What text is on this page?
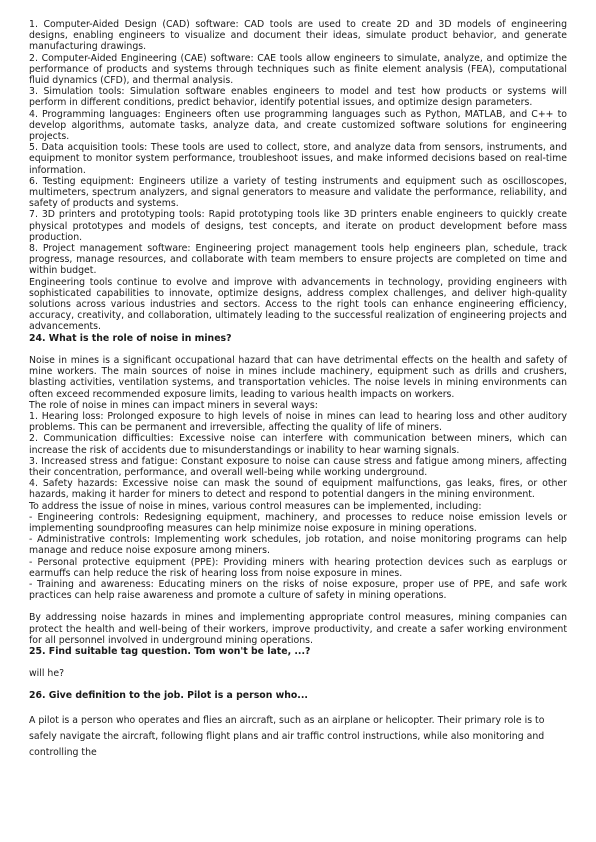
1. Computer-Aided Design (CAD) software: CAD tools are used to create 2D and 3D models of engineering designs, enabling engineers to visualize and document their ideas, simulate product behavior, and generate manufacturing drawings.

2. Computer-Aided Engineering (CAE) software: CAE tools allow engineers to simulate, analyze, and optimize the performance of products and systems through techniques such as finite element analysis (FEA), computational fluid dynamics (CFD), and thermal analysis.

3. Simulation tools: Simulation software enables engineers to model and test how products or systems will perform in different conditions, predict behavior, identify potential issues, and optimize design parameters.

4. Programming languages: Engineers often use programming languages such as Python, MATLAB, and C++ to develop algorithms, automate tasks, analyze data, and create customized software solutions for engineering projects.

5. Data acquisition tools: These tools are used to collect, store, and analyze data from sensors, instruments, and equipment to monitor system performance, troubleshoot issues, and make informed decisions based on real-time information.

6. Testing equipment: Engineers utilize a variety of testing instruments and equipment such as oscilloscopes, multimeters, spectrum analyzers, and signal generators to measure and validate the performance, reliability, and safety of products and systems.

7. 3D printers and prototyping tools: Rapid prototyping tools like 3D printers enable engineers to quickly create physical prototypes and models of designs, test concepts, and iterate on product development before mass production.

8. Project management software: Engineering project management tools help engineers plan, schedule, track progress, manage resources, and collaborate with team members to ensure projects are completed on time and within budget.

Engineering tools continue to evolve and improve with advancements in technology, providing engineers with sophisticated capabilities to innovate, optimize designs, address complex challenges, and deliver high-quality solutions across various industries and sectors. Access to the right tools can enhance engineering efficiency, accuracy, creativity, and collaboration, ultimately leading to the successful realization of engineering projects and advancements.

24. What is the role of noise in mines?

Noise in mines is a significant occupational hazard that can have detrimental effects on the health and safety of mine workers. The main sources of noise in mines include machinery, equipment such as drills and crushers, blasting activities, ventilation systems, and transportation vehicles. The noise levels in mining environments can often exceed recommended exposure limits, leading to various health impacts on workers.

The role of noise in mines can impact miners in several ways:

1. Hearing loss: Prolonged exposure to high levels of noise in mines can lead to hearing loss and other auditory problems. This can be permanent and irreversible, affecting the quality of life of miners.

2. Communication difficulties: Excessive noise can interfere with communication between miners, which can increase the risk of accidents due to misunderstandings or inability to hear warning signals.

3. Increased stress and fatigue: Constant exposure to noise can cause stress and fatigue among miners, affecting their concentration, performance, and overall well-being while working underground.

4. Safety hazards: Excessive noise can mask the sound of equipment malfunctions, gas leaks, fires, or other hazards, making it harder for miners to detect and respond to potential dangers in the mining environment.

To address the issue of noise in mines, various control measures can be implemented, including:

- Engineering controls: Redesigning equipment, machinery, and processes to reduce noise emission levels or implementing soundproofing measures can help minimize noise exposure in mining operations.

- Administrative controls: Implementing work schedules, job rotation, and noise monitoring programs can help manage and reduce noise exposure among miners.

- Personal protective equipment (PPE): Providing miners with hearing protection devices such as earplugs or earmuffs can help reduce the risk of hearing loss from noise exposure in mines.

- Training and awareness: Educating miners on the risks of noise exposure, proper use of PPE, and safe work practices can help raise awareness and promote a culture of safety in mining operations.

By addressing noise hazards in mines and implementing appropriate control measures, mining companies can protect the health and well-being of their workers, improve productivity, and create a safer working environment for all personnel involved in underground mining operations.

25. Find suitable tag question. Tom won't be late, ...?

will he?

26. Give definition to the job. Pilot is a person who...

A pilot is a person who operates and flies an aircraft, such as an airplane or helicopter. Their primary role is to safely navigate the aircraft, following flight plans and air traffic control instructions, while also monitoring and controlling the
